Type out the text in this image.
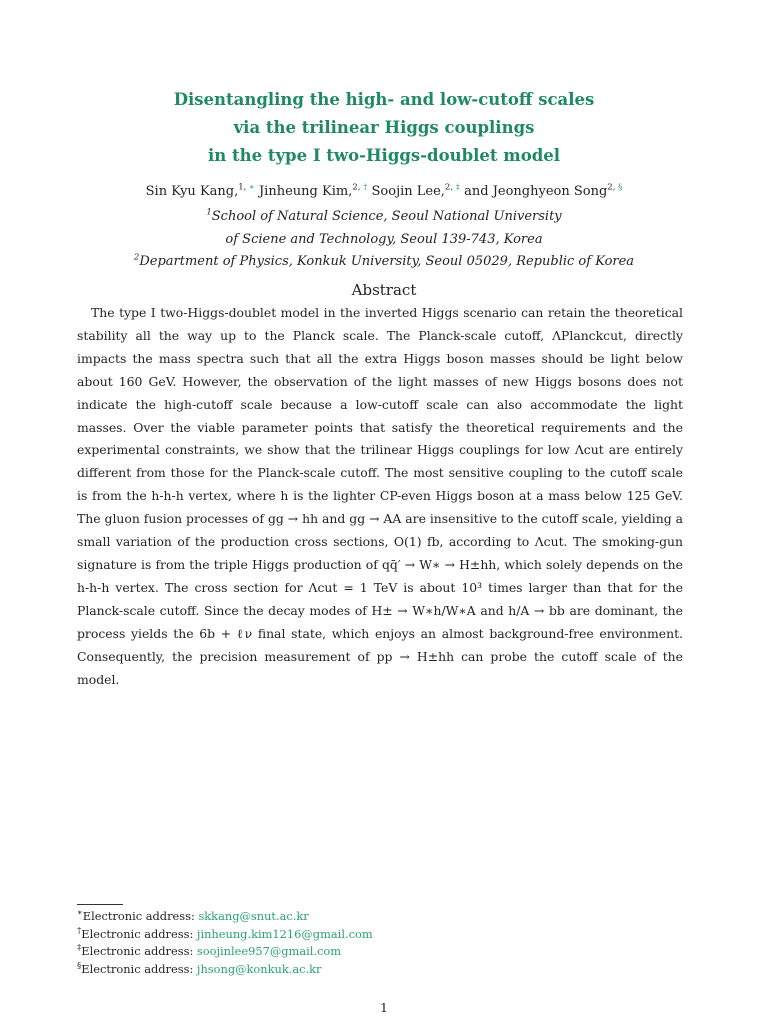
Disentangling the high- and low-cutoff scales
via the trilinear Higgs couplings
in the type I two-Higgs-doublet model
Sin Kyu Kang,$^{1, ∗}$ Jinheung Kim,$^{2, \dagger}$ Soojin Lee,$^{2, \ddagger}$ and Jeonghyeon Song$^{2, \S}$
$^1$School of Natural Science, Seoul National University
of Sciene and Technology, Seoul 139-743, Korea
$^2$Department of Physics, Konkuk University, Seoul 05029, Republic of Korea
Abstract

The type I two-Higgs-doublet model in the inverted Higgs scenario can retain the theoretical stability all the way up to the Planck scale. The Planck-scale cutoff, ΛPlanckcut, directly impacts the mass spectra such that all the extra Higgs boson masses should be light below about 160 GeV. However, the observation of the light masses of new Higgs bosons does not indicate the high-cutoff scale because a low-cutoff scale can also accommodate the light masses. Over the viable parameter points that satisfy the theoretical requirements and the experimental constraints, we show that the trilinear Higgs couplings for low Λcut are entirely different from those for the Planck-scale cutoff. The most sensitive coupling to the cutoff scale is from the h-h-h vertex, where h is the lighter CP-even Higgs boson at a mass below 125 GeV. The gluon fusion processes of gg → hh and gg → AA are insensitive to the cutoff scale, yielding a small variation of the production cross sections, O(1) fb, according to Λcut. The smoking-gun signature is from the triple Higgs production of qq̄′ → W∗ → H±hh, which solely depends on the h-h-h vertex. The cross section for Λcut = 1 TeV is about 10³ times larger than that for the Planck-scale cutoff. Since the decay modes of H± → W∗h/W∗A and h/A → bb are dominant, the process yields the 6b + ℓν final state, which enjoys an almost background-free environment. Consequently, the precision measurement of pp → H±hh can probe the cutoff scale of the model.

∗Electronic address: skkang@snut.ac.kr
†Electronic address: jinheung.kim1216@gmail.com
‡Electronic address: soojinlee957@gmail.com
§Electronic address: jhsong@konkuk.ac.kr
1
